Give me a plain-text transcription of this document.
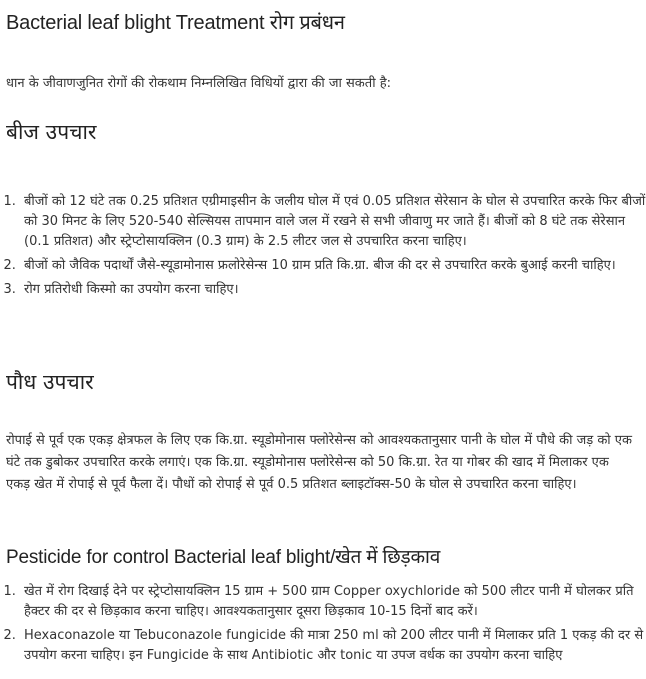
Bacterial leaf blight Treatment रोग प्रबंधन

धान के जीवाणजुनित रोगों की रोकथाम निम्नलिखित विधियों द्वारा की जा सकती है:

बीज उपचार
1. बीजों को 12 घंटे तक 0.25 प्रतिशत एग्रीमाइसीन के जलीय घोल में एवं 0.05 प्रतिशत सेरेसान के घोल से उपचारित करके फिर बीजों को 30 मिनट के लिए 520-540 सेल्सियस तापमान वाले जल में रखने से सभी जीवाणु मर जाते हैं। बीजों को 8 घंटे तक सेरेसान (0.1 प्रतिशत) और स्ट्रेप्टोसायक्लिन (0.3 ग्राम) के 2.5 लीटर जल से उपचारित करना चाहिए।
2. बीजों को जैविक पदार्थों जैसे-स्यूडामोनास फ्रलोरेसेन्स 10 ग्राम प्रति कि.ग्रा. बीज की दर से उपचारित करके बुआई करनी चाहिए।
3. रोग प्रतिरोधी किस्मो का उपयोग करना चाहिए।
पौध उपचार

रोपाई से पूर्व एक एकड़ क्षेत्रफल के लिए एक कि.ग्रा. स्यूडोमोनास फ्लोरेसेन्स को आवश्यकतानुसार पानी के घोल में पौधे की जड़ को एक घंटे तक डुबोकर उपचारित करके लगाएं। एक कि.ग्रा. स्यूडोमोनास फ्लोरेसेन्स को 50 कि.ग्रा. रेत या गोबर की खाद में मिलाकर एक एकड़ खेत में रोपाई से पूर्व फैला दें। पौधों को रोपाई से पूर्व 0.5 प्रतिशत ब्लाइटॉक्स-50 के घोल से उपचारित करना चाहिए।

Pesticide for control Bacterial leaf blight/खेत में छिड़काव
1. खेत में रोग दिखाई देने पर स्ट्रेप्टोसायक्लिन 15 ग्राम + 500 ग्राम Copper oxychloride को 500 लीटर पानी में घोलकर प्रति हैक्टर की दर से छिड़काव करना चाहिए। आवश्यकतानुसार दूसरा छिड़काव 10-15 दिनों बाद करें।
2. Hexaconazole या Tebuconazole fungicide की मात्रा 250 ml को 200 लीटर पानी में मिलाकर प्रति 1 एकड़ की दर से उपयोग करना चाहिए। इन Fungicide के साथ Antibiotic और tonic या उपज वर्धक का उपयोग करना चाहिए
